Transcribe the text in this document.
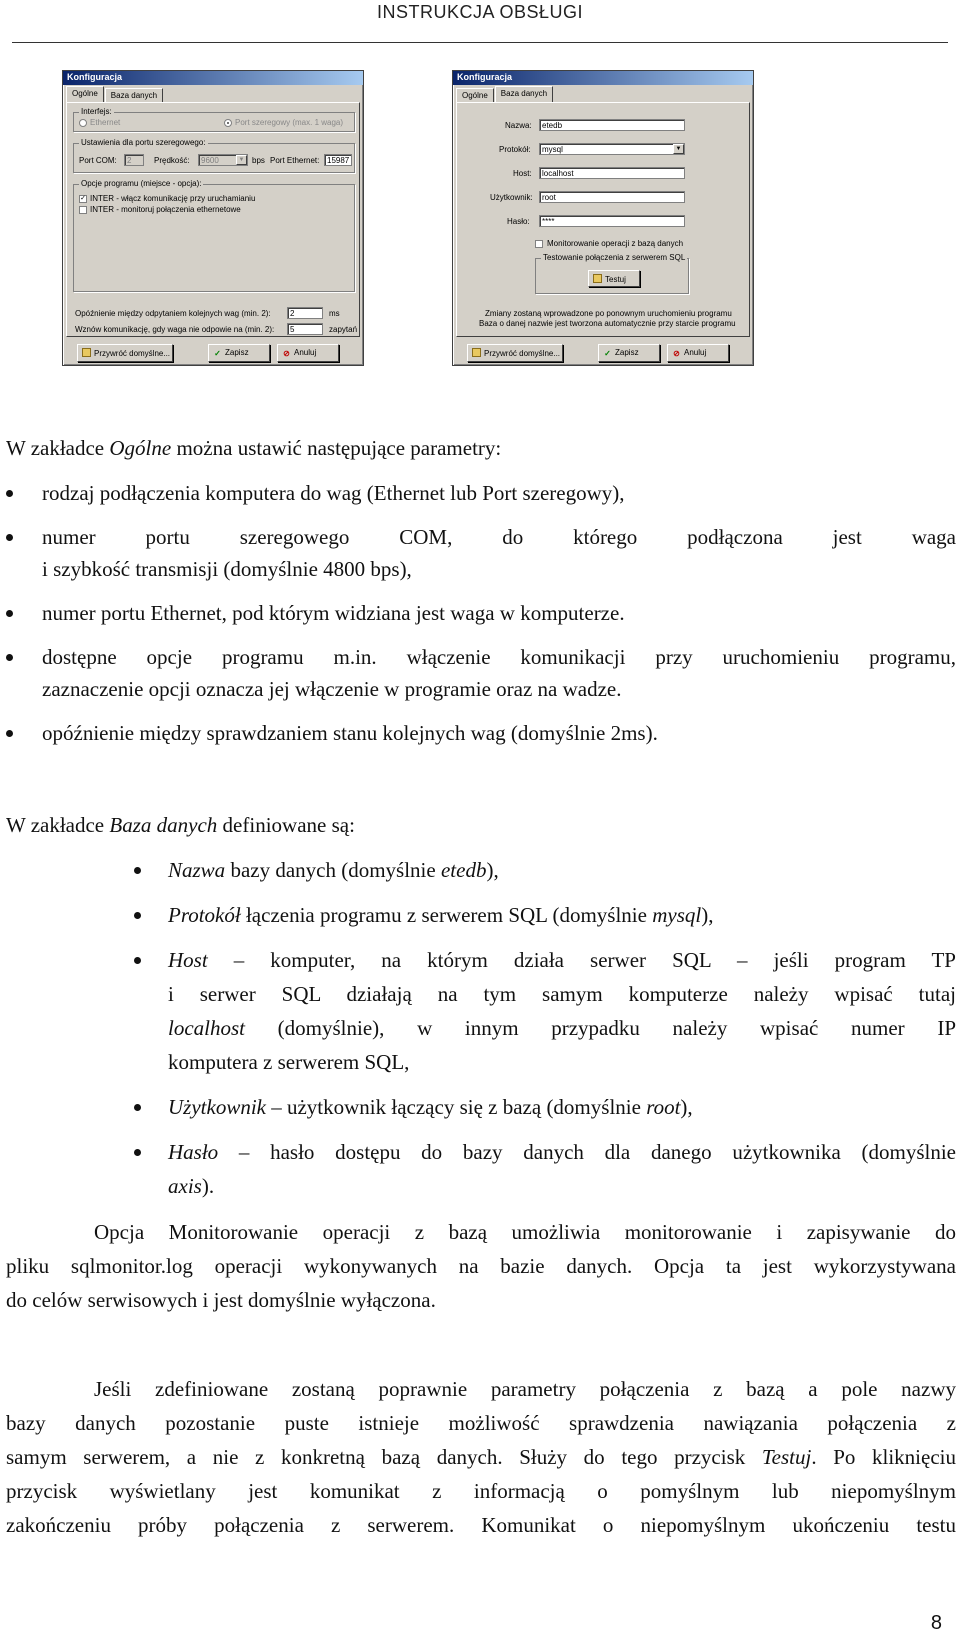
INSTRUKCJA OBSŁUGI
Konfiguracja
Ogólne	Baza danych
Interfejs:
Ethernet	Port szeregowy (max. 1 waga)
Ustawienia dla portu szeregowego:
Port COM:	2	Prędkość:	9600	▼ bps Port Ethernet: 15987
Opcje programu (miejsce - opcja):
✓ INTER - włącz komunikację przy uruchamianiu
INTER - monitoruj połączenia ethernetowe
Opóźnienie między odpytaniem kolejnych wag (min. 2):	2	ms
Wznów komunikację, gdy waga nie odpowie na (min. 2):	5	zapytań
Przywróć domyślne...	✓ Zapisz	⊘ Anuluj
Konfiguracja
Ogólne	Baza danych
Nazwa:	etedb
Protokół:	mysql	▼
Host:	localhost
Użytkownik:	root
Hasło:	****
Monitorowanie operacji z bazą danych
Testowanie połączenia z serwerem SQL
Testuj
Zmiany zostaną wprowadzone po ponownym uruchomieniu programu
Baza o danej nazwie jest tworzona automatycznie przy starcie programu
Przywróć domyślne...	✓ Zapisz	⊘ Anuluj
W zakładce Ogólne można ustawić następujące parametry:
rodzaj podłączenia komputera do wag (Ethernet lub Port szeregowy),
numer portu szeregowego COM, do którego podłączona jest waga
i szybkość transmisji (domyślnie 4800 bps),
numer portu Ethernet, pod którym widziana jest waga w komputerze.
dostępne opcje programu m.in. włączenie komunikacji przy uruchomieniu programu,
zaznaczenie opcji oznacza jej włączenie w programie oraz na wadze.
opóźnienie między sprawdzaniem stanu kolejnych wag (domyślnie 2ms).
W zakładce Baza danych definiowane są:
Nazwa bazy danych (domyślnie etedb),
Protokół łączenia programu z serwerem SQL (domyślnie mysql),
Host – komputer, na którym działa serwer SQL – jeśli program TP
i serwer SQL działają na tym samym komputerze należy wpisać tutaj
localhost (domyślnie), w innym przypadku należy wpisać numer IP
komputera z serwerem SQL,
Użytkownik – użytkownik łączący się z bazą (domyślnie root),
Hasło – hasło dostępu do bazy danych dla danego użytkownika (domyślnie
axis).
Opcja Monitorowanie operacji z bazą umożliwia monitorowanie i zapisywanie do
pliku sqlmonitor.log operacji wykonywanych na bazie danych. Opcja ta jest wykorzystywana
do celów serwisowych i jest domyślnie wyłączona.
Jeśli zdefiniowane zostaną poprawnie parametry połączenia z bazą a pole nazwy
bazy danych pozostanie puste istnieje możliwość sprawdzenia nawiązania połączenia z
samym serwerem, a nie z konkretną bazą danych. Służy do tego przycisk Testuj. Po kliknięciu
przycisk wyświetlany jest komunikat z informacją o pomyślnym lub niepomyślnym
zakończeniu próby połączenia z serwerem. Komunikat o niepomyślnym ukończeniu testu
8
